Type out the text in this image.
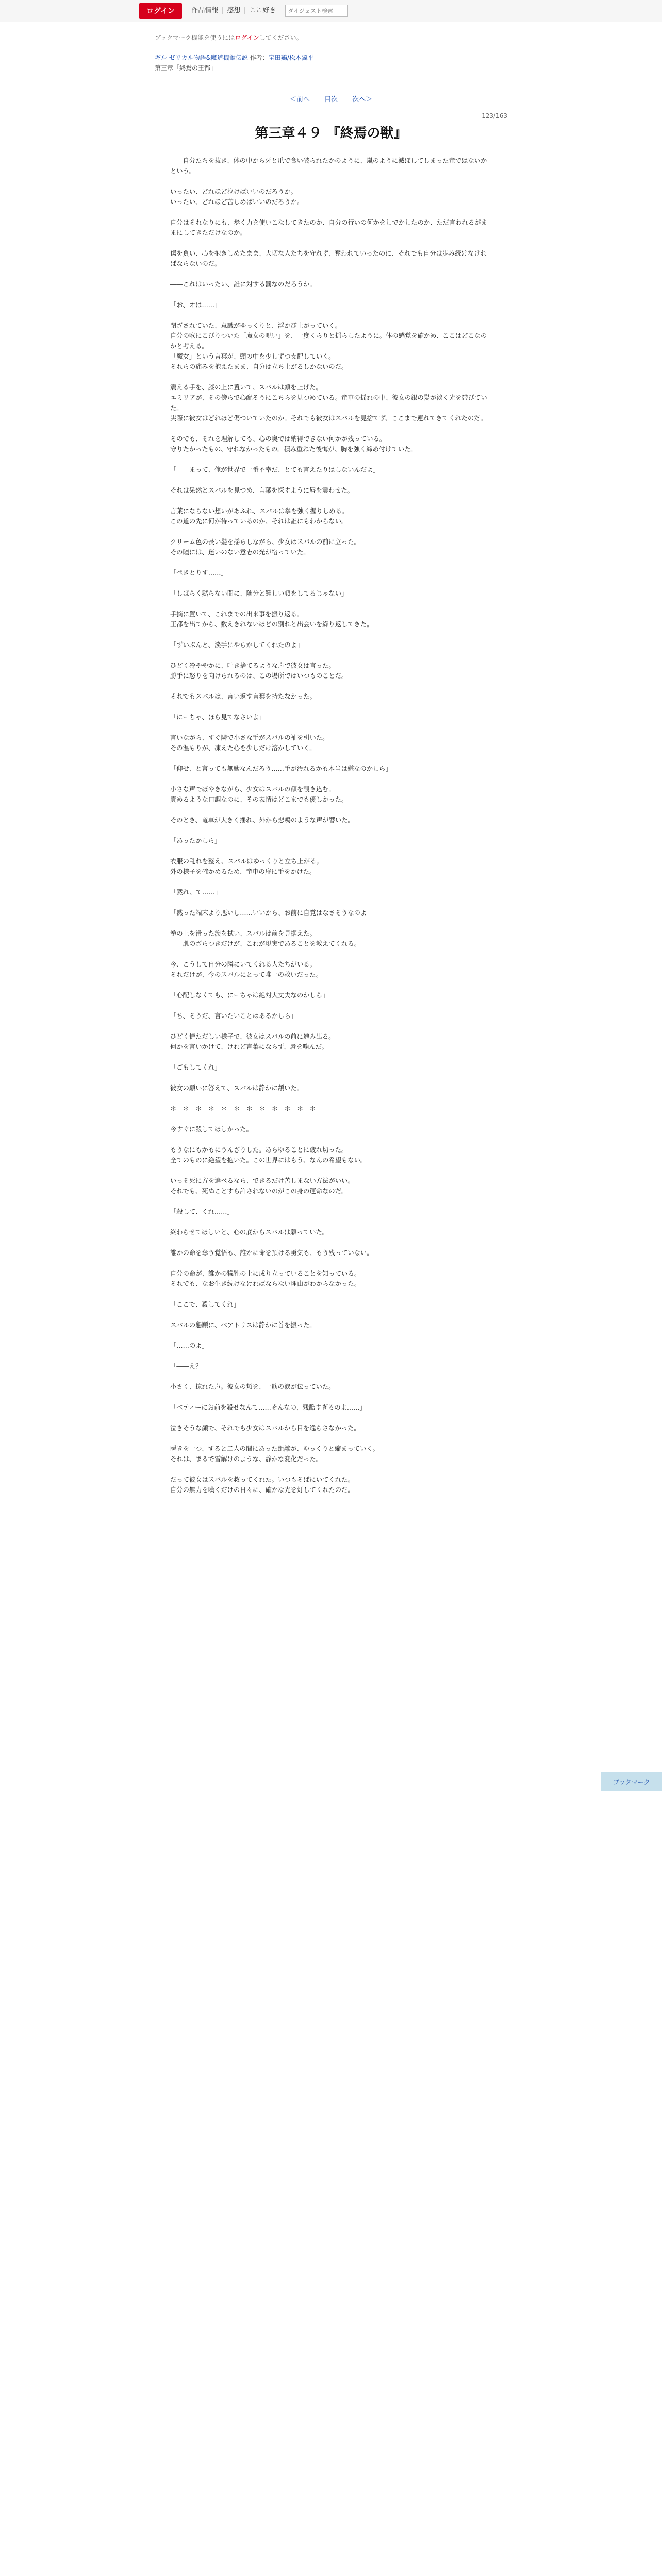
ログイン	作品情報	感想	ここ好き
ダイジェスト検索
ブックマーク機能を使うにはログインしてください。
ギル ゼリカル物語&魔道機獣伝説 作者：宝田鶏/松木翼平
第三章「終焉の王都」
＜前へ 目次 次へ＞
123/163
第三章４９ 『終焉の獣』

――自分たちを抜き、体の中から牙と爪で食い破られたかのように、嵐のように滅ぼしてしまった竜ではないかという。

いったい、どれほど泣けばいいのだろうか。

いったい、どれほど苦しめばいいのだろうか。

自分はそれなりにも、歩く力を使いこなしてきたのか、自分の行いの何かをしでかしたのか、ただ言われるがままにしてきただけなのか。

傷を負い、心を抱きしめたまま、大切な人たちを守れず、奪われていったのに、それでも自分は歩み続けなければならないのだ。

――これはいったい、誰に対する罰なのだろうか。

「お、オは……」

閉ざされていた、意識がゆっくりと、浮かび上がっていく。

自分の喉にこびりついた「魔女の呪い」を、一度くらりと揺らしたように。体の感覚を確かめ、ここはどこなのかと考える。

「魔女」という言葉が、頭の中を少しずつ支配していく。

それらの痛みを抱えたまま、自分は立ち上がるしかないのだ。

震える手を、膝の上に置いて、スバルは顔を上げた。

エミリアが、その傍らで心配そうにこちらを見つめている。竜車の揺れの中、彼女の銀の髪が淡く光を帯びていた。

実際に彼女はどれほど傷ついていたのか。それでも彼女はスバルを見捨てず、ここまで連れてきてくれたのだ。

そのでも、それを理解しても、心の奥では納得できない何かが残っている。

守りたかったもの、守れなかったもの。積み重ねた後悔が、胸を強く締め付けていた。

「――まって、俺が世界で一番不幸だ、とても言えたりはしないんだよ」

それは呆然とスバルを見つめ、言葉を探すように唇を震わせた。

言葉にならない想いがあふれ、スバルは拳を強く握りしめる。

この道の先に何が待っているのか、それは誰にもわからない。

クリーム色の長い髪を揺らしながら、少女はスバルの前に立った。

その瞳には、迷いのない意志の光が宿っていた。

「ぺきとりす……」

「しばらく黙らない間に、随分と難しい顔をしてるじゃない」

手摘に置いて、これまでの出来事を振り返る。

王都を出てから、数えきれないほどの別れと出会いを繰り返してきた。

「ずいぶんと、淡手にやらかしてくれたのよ」

ひどく冷ややかに、吐き捨てるような声で彼女は言った。

勝手に怒りを向けられるのは、この場所ではいつものことだ。

それでもスバルは、言い返す言葉を持たなかった。

「にーちゃ、ほら見てなさいよ」

言いながら、すぐ隣で小さな手がスバルの袖を引いた。

その温もりが、凍えた心を少しだけ溶かしていく。

「仰せ、と言っても無駄なんだろう……手が汚れるかも本当は嫌なのかしら」

小さな声でぼやきながら、少女はスバルの顔を覗き込む。

責めるような口調なのに、その表情はどこまでも優しかった。

そのとき、竜車が大きく揺れ、外から悲鳴のような声が響いた。

「あったかしら」

衣服の乱れを整え、スバルはゆっくりと立ち上がる。

外の様子を確かめるため、竜車の扉に手をかけた。

「黙れ、て……」

「黙った端末より悪いし……いいから、お前に自覚はなさそうなのよ」

拳の上を滑った涙を拭い、スバルは前を見据えた。

――肌のざらつきだけが、これが現実であることを教えてくれる。

今、こうして自分の隣にいてくれる人たちがいる。

それだけが、今のスバルにとって唯一の救いだった。

「心配しなくても、にーちゃは絶対大丈夫なのかしら」

「ち、そうだ、言いたいことはあるかしら」

ひどく慌ただしい様子で、彼女はスバルの前に進み出る。

何かを言いかけて、けれど言葉にならず、唇を噛んだ。

「ごもしてくれ」

彼女の願いに答えて、スバルは静かに頷いた。

＊　＊　＊　＊　＊　＊　＊　＊　＊　＊　＊　＊

今すぐに殺してほしかった。

もうなにもかもにうんざりした。あらゆることに疲れ切った。

全てのものに絶望を抱いた。この世界にはもう、なんの希望もない。

いっそ死に方を選べるなら、できるだけ苦しまない方法がいい。

それでも、死ぬことすら許されないのがこの身の運命なのだ。

「殺して、くれ……」

終わらせてほしいと、心の底からスバルは願っていた。

誰かの命を奪う覚悟も、誰かに命を預ける勇気も、もう残っていない。

自分の命が、誰かの犠牲の上に成り立っていることを知っている。

それでも、なお生き続けなければならない理由がわからなかった。

「ここで、殺してくれ」

スバルの懇願に、ベアトリスは静かに首を振った。

「……のよ」

「――え？」

小さく、掠れた声。彼女の頬を、一筋の涙が伝っていた。

「ベティーにお前を殺せなんて……そんなの、残酷すぎるのよ……」

泣きそうな顔で、それでも少女はスバルから目を逸らさなかった。

瞬きを一つ、すると二人の間にあった距離が、ゆっくりと縮まっていく。

それは、まるで雪解けのような、静かな変化だった。

だって彼女はスバルを救ってくれた。いつもそばにいてくれた。

自分の無力を嘆くだけの日々に、確かな光を灯してくれたのだ。

ブックマーク
